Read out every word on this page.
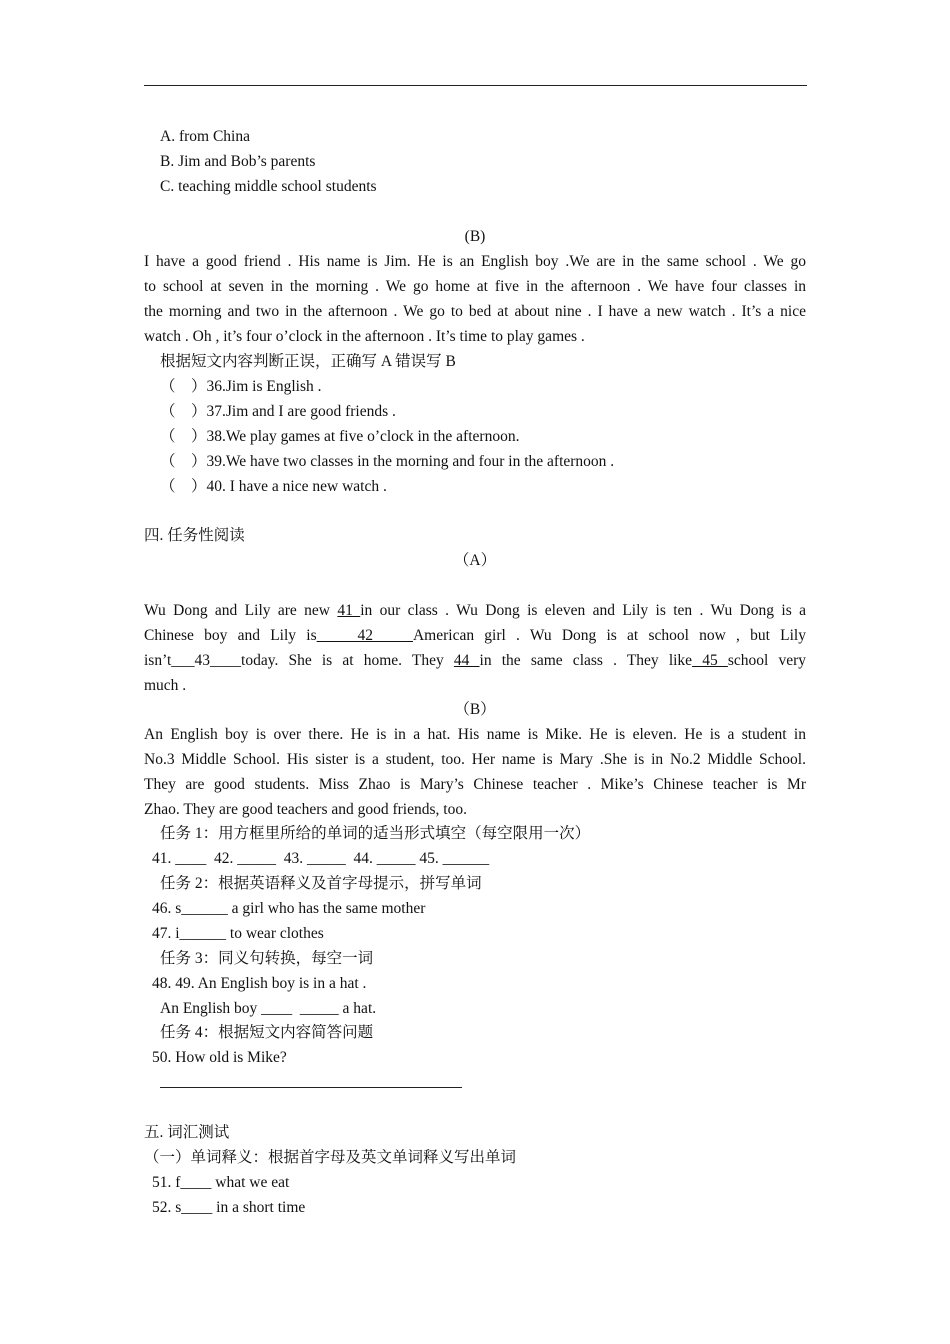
A. from China
B. Jim and Bob’s parents
C. teaching middle school students
(B)
I have a good friend . His name is Jim. He is an English boy .We are in the same school . We go
to school at seven in the morning . We go home at five in the afternoon . We have four classes in
the morning and two in the afternoon . We go to bed at about nine . I have a new watch . It’s a nice
watch . Oh , it’s four o’clock in the afternoon . It’s time to play games .
根据短文内容判断正误，正确写 A 错误写 B
（    ）36.Jim is English .
（    ）37.Jim and I are good friends .
（    ）38.We play games at five o’clock in the afternoon.
（    ）39.We have two classes in the morning and four in the afternoon .
（    ）40. I have a nice new watch .
四. 任务性阅读
（A）
Wu Dong and Lily are new 41 in our class . Wu Dong is eleven and Lily is ten . Wu Dong is a
Chinese boy and Lily is    42    American girl . Wu Dong is at school now , but Lily
isn’t___43____today. She is at home. They 44 in the same class . They like 45 school very
much .
（B）
An English boy is over there. He is in a hat. His name is Mike. He is eleven. He is a student in
No.3 Middle School. His sister is a student, too. Her name is Mary .She is in No.2 Middle School.
They are good students. Miss Zhao is Mary’s Chinese teacher . Mike’s Chinese teacher is Mr
Zhao. They are good teachers and good friends, too.
任务 1：用方框里所给的单词的适当形式填空（每空限用一次）
41. ____  42. _____  43. _____  44. _____ 45. ______
任务 2：根据英语释义及首字母提示，拼写单词
46. s______ a girl who has the same mother
47. i______ to wear clothes
任务 3：同义句转换，每空一词
48. 49. An English boy is in a hat .
An English boy ____  _____ a hat.
任务 4：根据短文内容简答问题
50. How old is Mike?
五. 词汇测试
（一）单词释义：根据首字母及英文单词释义写出单词
51. f____ what we eat
52. s____ in a short time
